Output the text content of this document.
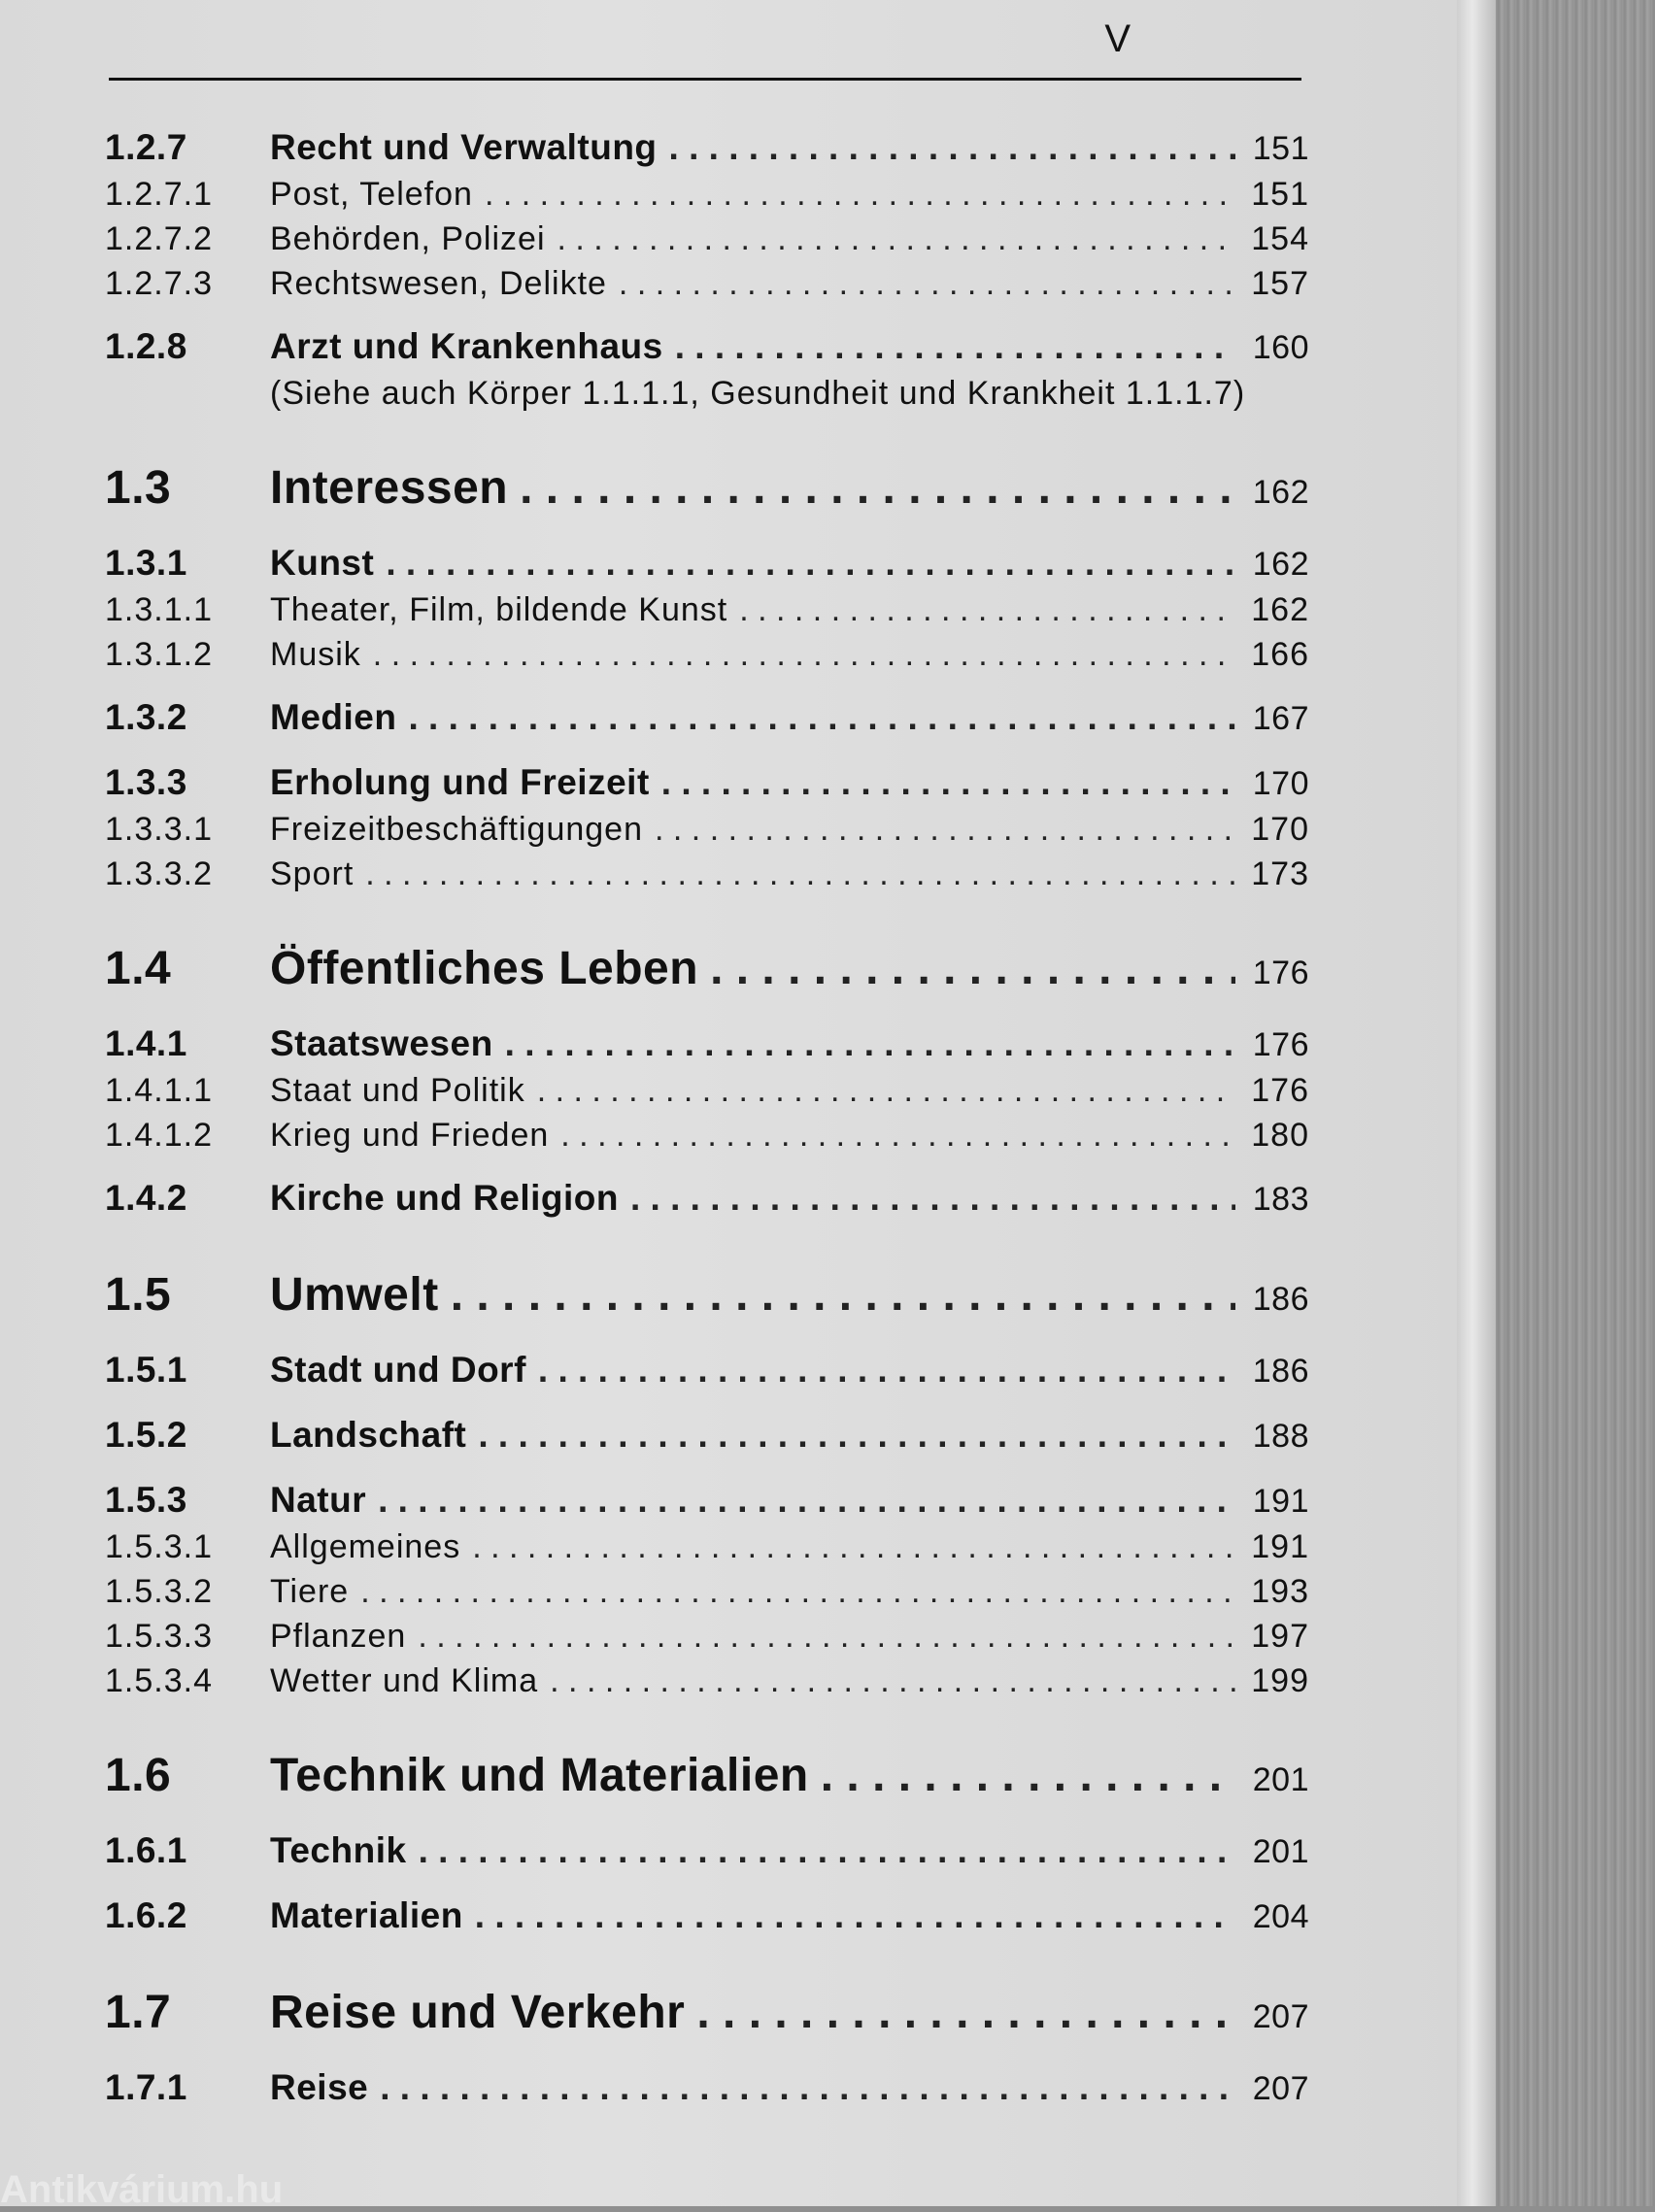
V
1.2.7	Recht und Verwaltung . . .	151
1.2.7.1	Post, Telefon . . .	151
1.2.7.2	Behörden, Polizei . . .	154
1.2.7.3	Rechtswesen, Delikte . . .	157
1.2.8	Arzt und Krankenhaus . . .	160
(Siehe auch Körper 1.1.1.1, Gesundheit und Krankheit 1.1.1.7)
1.3	Interessen . . .	162
1.3.1	Kunst . . .	162
1.3.1.1	Theater, Film, bildende Kunst . . .	162
1.3.1.2	Musik . . .	166
1.3.2	Medien . . .	167
1.3.3	Erholung und Freizeit . . .	170
1.3.3.1	Freizeitbeschäftigungen . . .	170
1.3.3.2	Sport . . .	173
1.4	Öffentliches Leben . . .	176
1.4.1	Staatswesen . . .	176
1.4.1.1	Staat und Politik . . .	176
1.4.1.2	Krieg und Frieden . . .	180
1.4.2	Kirche und Religion . . .	183
1.5	Umwelt . . .	186
1.5.1	Stadt und Dorf . . .	186
1.5.2	Landschaft . . .	188
1.5.3	Natur . . .	191
1.5.3.1	Allgemeines . . .	191
1.5.3.2	Tiere . . .	193
1.5.3.3	Pflanzen . . .	197
1.5.3.4	Wetter und Klima . . .	199
1.6	Technik und Materialien . . .	201
1.6.1	Technik . . .	201
1.6.2	Materialien . . .	204
1.7	Reise und Verkehr . . .	207
1.7.1	Reise . . .	207
Antikvárium.hu
